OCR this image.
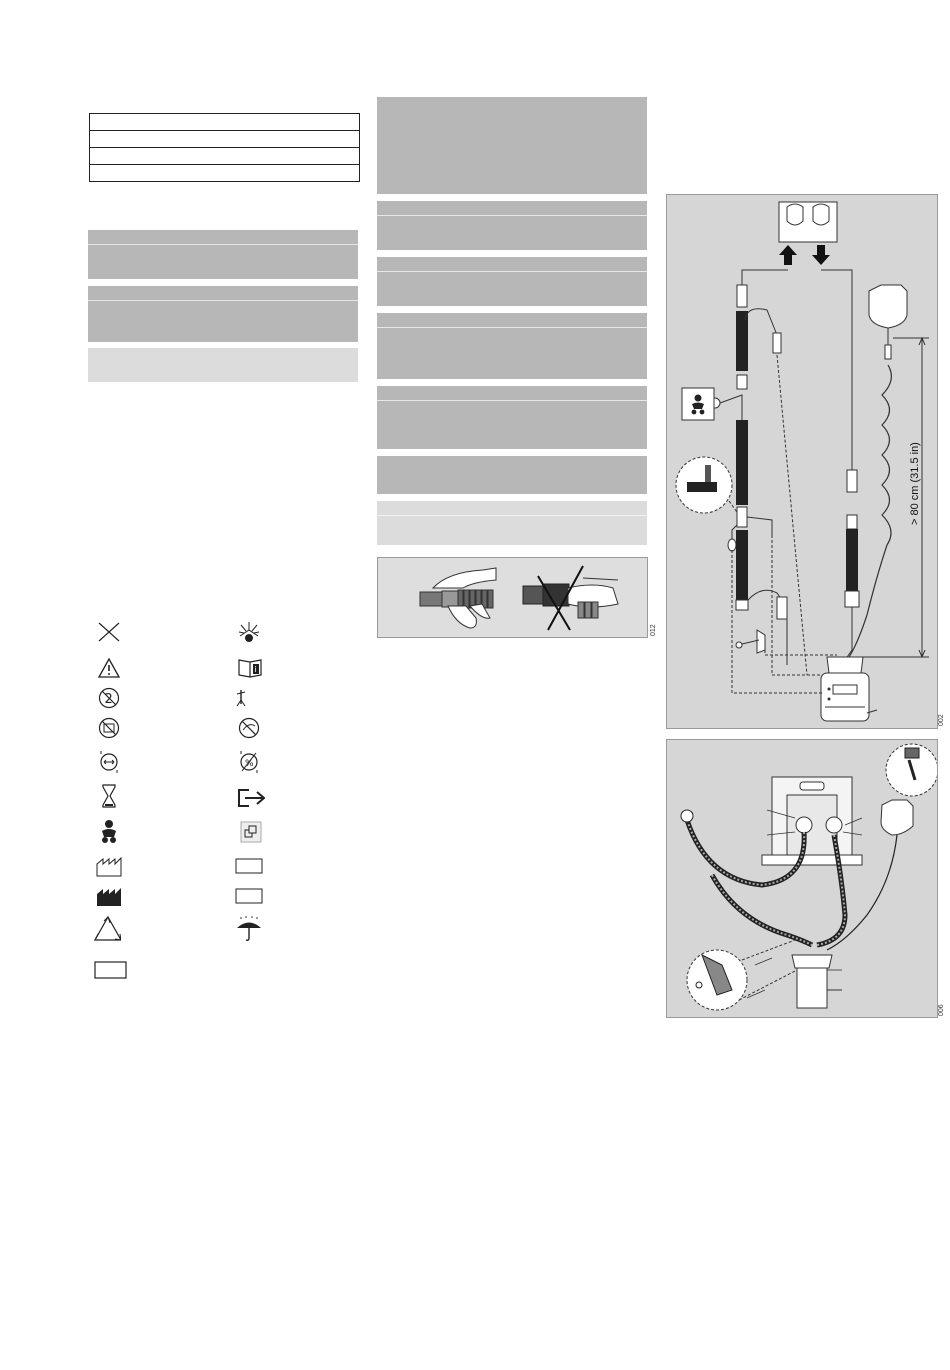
012
i
2
%
> 80 cm (31.5 in)
002
006
